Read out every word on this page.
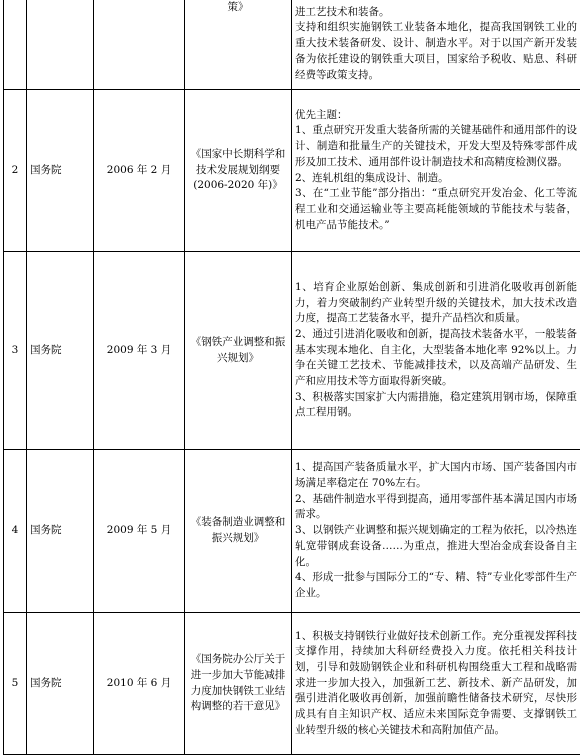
			策》	进工艺技术和装备。

支持和组织实施钢铁工业装备本地化，提高我国钢铁工业的重大技术装备研发、设计、制造水平。对于以国产新开发装备为依托建设的钢铁重大项目，国家给予税收、贴息、科研经费等政策支持。

2	国务院	2006 年 2 月	《国家中长期科学和技术发展规划纲要(2006-2020 年)》	优先主题：

1、重点研究开发重大装备所需的关键基础件和通用部件的设计、制造和批量生产的关键技术，开发大型及特殊零部件成形及加工技术、通用部件设计制造技术和高精度检测仪器。

2、连轧机组的集成设计、制造。

3、在“工业节能”部分指出：“重点研究开发冶金、化工等流程工业和交通运输业等主要高耗能领域的节能技术与装备，机电产品节能技术。”

3	国务院	2009 年 3 月	《钢铁产业调整和振兴规划》	1、培育企业原始创新、集成创新和引进消化吸收再创新能力，着力突破制约产业转型升级的关键技术，加大技术改造力度，提高工艺装备水平，提升产品档次和质量。

2、通过引进消化吸收和创新，提高技术装备水平，一般装备基本实现本地化、自主化，大型装备本地化率 92%以上。力争在关键工艺技术、节能减排技术，以及高端产品研发、生产和应用技术等方面取得新突破。

3、积极落实国家扩大内需措施，稳定建筑用钢市场，保障重点工程用钢。

4	国务院	2009 年 5 月	《装备制造业调整和振兴规划》	1、提高国产装备质量水平，扩大国内市场、国产装备国内市场满足率稳定在 70%左右。

2、基础件制造水平得到提高，通用零部件基本满足国内市场需求。

3、以钢铁产业调整和振兴规划确定的工程为依托，以冷热连轧宽带钢成套设备……为重点，推进大型冶金成套设备自主化。

4、形成一批参与国际分工的“专、精、特”专业化零部件生产企业。

5	国务院	2010 年 6 月	《国务院办公厅关于进一步加大节能减排力度加快钢铁工业结构调整的若干意见》	1、积极支持钢铁行业做好技术创新工作。充分重视发挥科技支撑作用，持续加大科研经费投入力度。依托相关科技计划，引导和鼓励钢铁企业和科研机构围绕重大工程和战略需求进一步加大投入，加强新工艺、新技术、新产品研发，加强引进消化吸收再创新，加强前瞻性储备技术研究，尽快形成具有自主知识产权、适应未来国际竞争需要、支撑钢铁工业转型升级的核心关键技术和高附加值产品。
